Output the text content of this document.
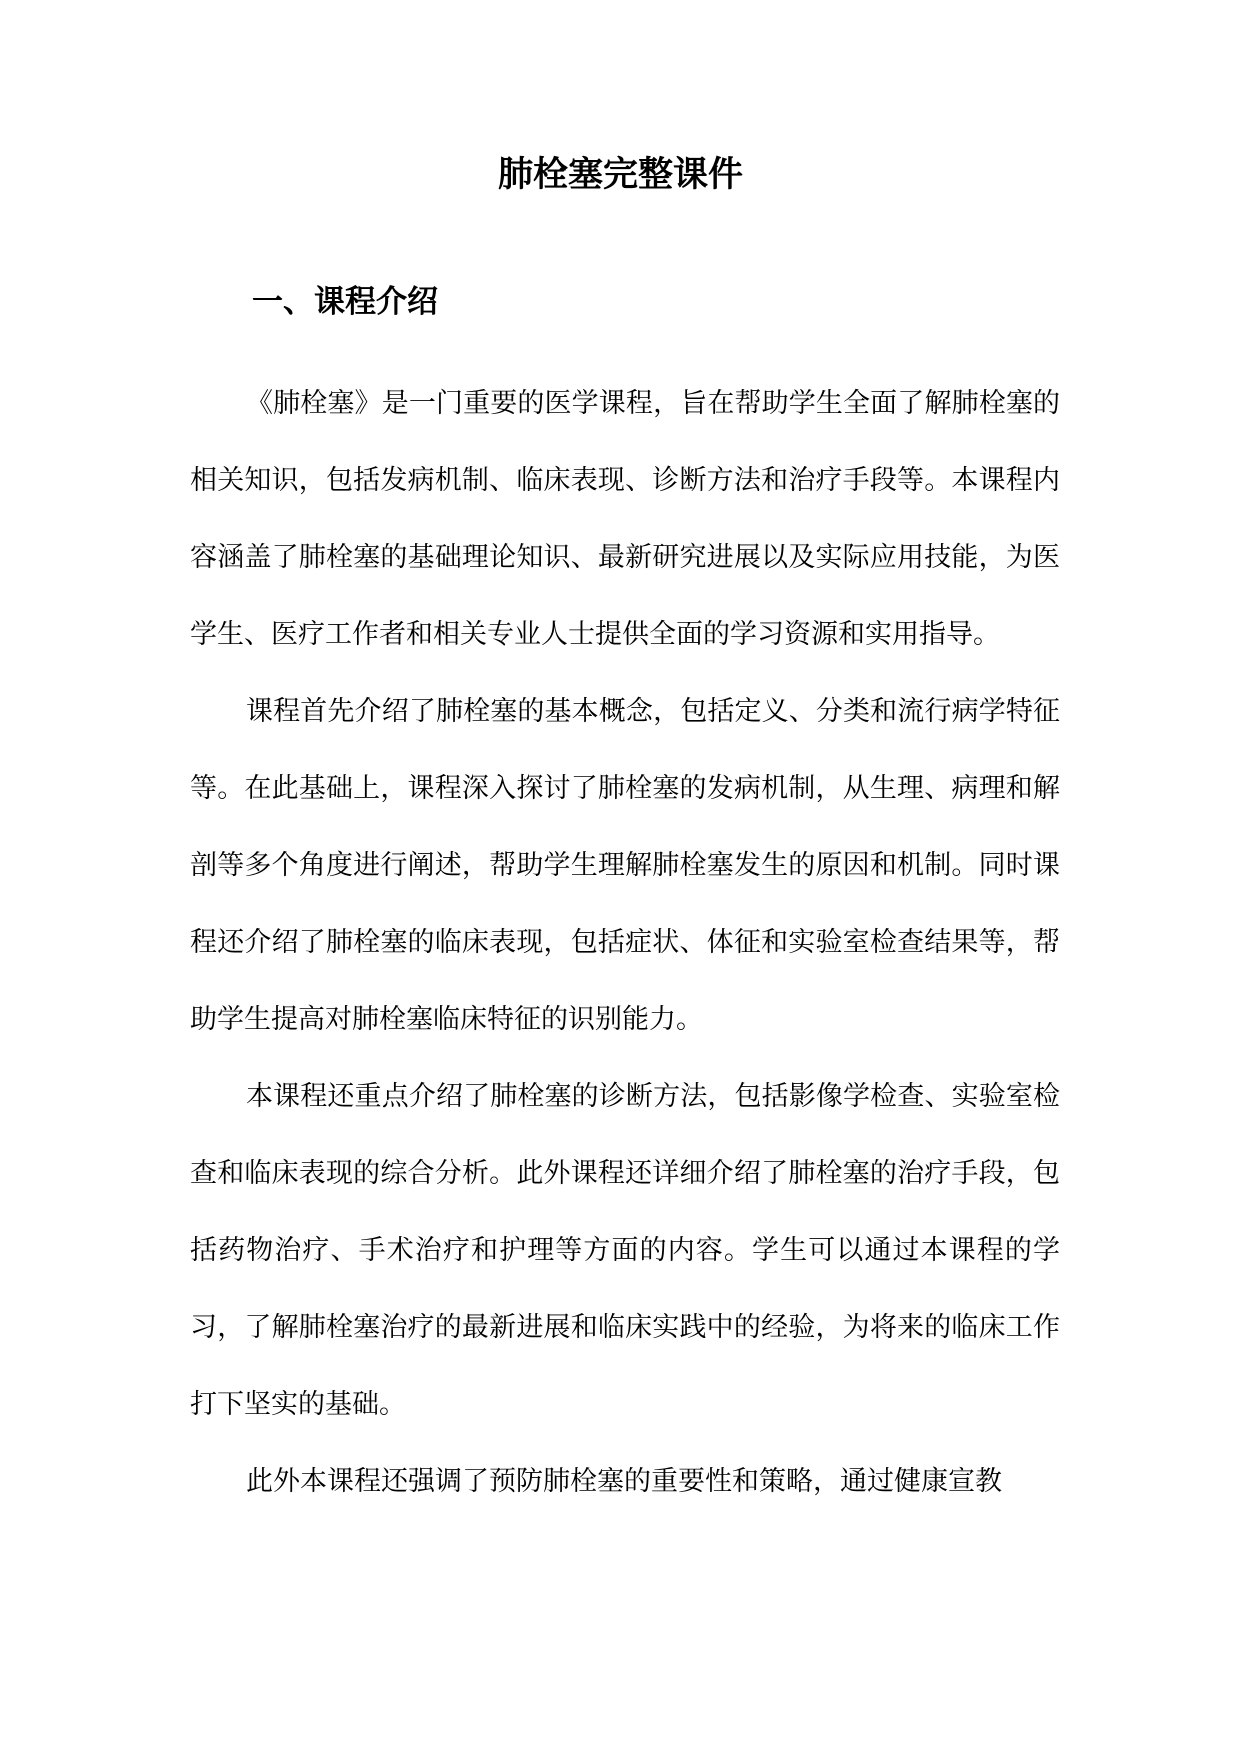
肺栓塞完整课件
一、课程介绍

《肺栓塞》是一门重要的医学课程，旨在帮助学生全面了解肺栓塞的相关知识，包括发病机制、临床表现、诊断方法和治疗手段等。本课程内容涵盖了肺栓塞的基础理论知识、最新研究进展以及实际应用技能，为医学生、医疗工作者和相关专业人士提供全面的学习资源和实用指导。

课程首先介绍了肺栓塞的基本概念，包括定义、分类和流行病学特征等。在此基础上，课程深入探讨了肺栓塞的发病机制，从生理、病理和解剖等多个角度进行阐述，帮助学生理解肺栓塞发生的原因和机制。同时课程还介绍了肺栓塞的临床表现，包括症状、体征和实验室检查结果等，帮助学生提高对肺栓塞临床特征的识别能力。

本课程还重点介绍了肺栓塞的诊断方法，包括影像学检查、实验室检查和临床表现的综合分析。此外课程还详细介绍了肺栓塞的治疗手段，包括药物治疗、手术治疗和护理等方面的内容。学生可以通过本课程的学习，了解肺栓塞治疗的最新进展和临床实践中的经验，为将来的临床工作打下坚实的基础。

此外本课程还强调了预防肺栓塞的重要性和策略，通过健康宣教
